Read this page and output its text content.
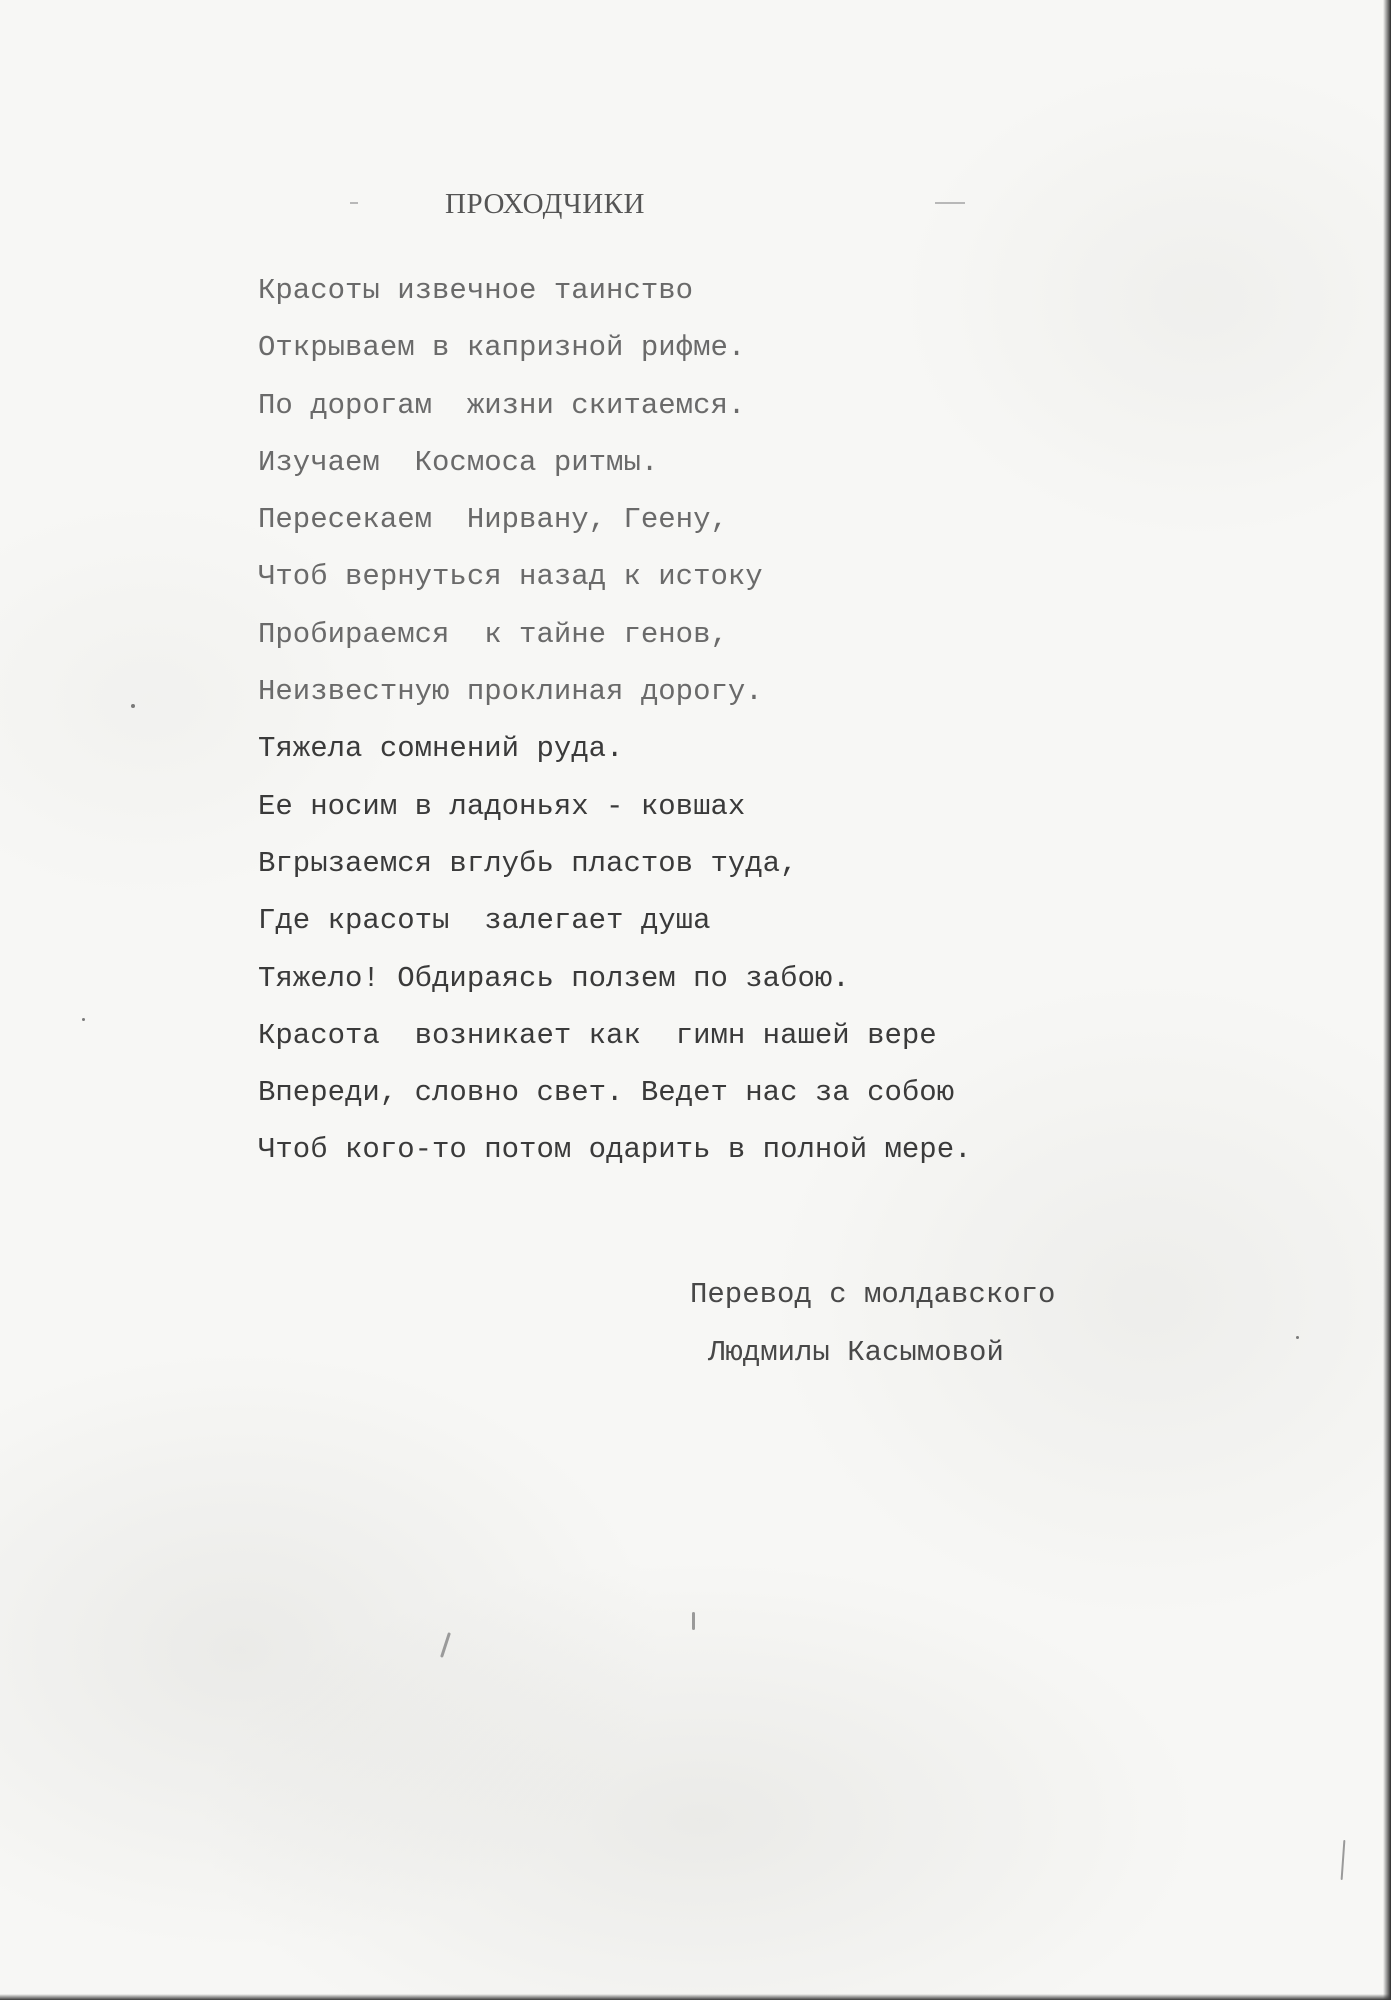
ПРОХОДЧИКИ
Красоты извечное таинство
Открываем в капризной рифме.
По дорогам  жизни скитаемся.
Изучаем  Космоса ритмы.
Пересекаем  Нирвану, Геену,
Чтоб вернуться назад к истоку
Пробираемся  к тайне генов,
Неизвестную проклиная дорогу.
Тяжела сомнений руда.
Ее носим в ладоньях - ковшах
Вгрызаемся вглубь пластов туда,
Где красоты  залегает душа
Тяжело! Обдираясь ползем по забою.
Красота  возникает как  гимн нашей вере
Впереди, словно свет. Ведет нас за собою
Чтоб кого-то потом одарить в полной мере.
Перевод с молдавского
Людмилы Касымовой
